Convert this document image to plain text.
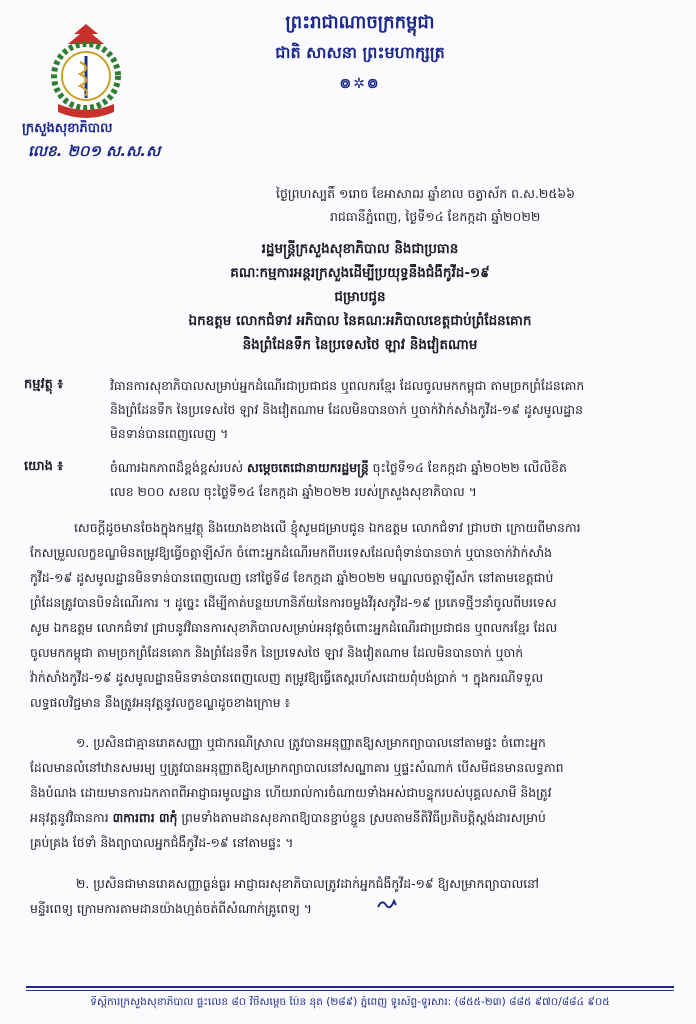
ព្រះរាជាណាចក្រកម្ពុជា
ជាតិ សាសនា ព្រះមហាក្សត្រ
៙✲៙
ក្រសួងសុខាភិបាល
លេខ. ២០១ ស.ស.ស
ថ្ងៃព្រហស្បតិ៍ ១រោច ខែអាសាឍ ឆ្នាំខាល ចត្វាស័ក ព.ស.២៥៦៦
រាជធានីភ្នំពេញ, ថ្ងៃទី១៤ ខែកក្កដា ឆ្នាំ២០២២
រដ្ឋមន្ត្រីក្រសួងសុខាភិបាល និងជាប្រធាន
គណៈកម្មការអន្តរក្រសួងដើម្បីប្រយុទ្ធនឹងជំងឺកូវីដ-១៩
ជម្រាបជូន
ឯកឧត្តម លោកជំទាវ អភិបាល នៃគណៈអភិបាលខេត្តជាប់ព្រំដែនគោក
និងព្រំដែនទឹក នៃប្រទេសថៃ ឡាវ និងវៀតណាម
កម្មវត្ថុ ៖	វិធានការសុខាភិបាលសម្រាប់អ្នកដំណើរជាប្រជាជន ឬពលករខ្មែរ ដែលចូលមកកម្ពុជា តាមច្រកព្រំដែនគោក
និងព្រំដែនទឹក នៃប្រទេសថៃ ឡាវ និងវៀតណាម ដែលមិនបានចាក់ ឬចាក់វ៉ាក់សាំងកូវីដ-១៩ ដូសមូលដ្ឋាន
មិនទាន់បានពេញលេញ ។
យោង ៖	ចំណារឯកភាពដ៏ខ្ពង់ខ្ពស់របស់ សម្តេចតេជោនាយករដ្ឋមន្ត្រី ចុះថ្ងៃទី១៤ ខែកក្កដា ឆ្នាំ២០២២ លើលិខិត
លេខ ២០០ សខល ចុះថ្ងៃទី១៤ ខែកក្កដា ឆ្នាំ២០២២ របស់ក្រសួងសុខាភិបាល ។
សេចក្តីដូចមានចែងក្នុងកម្មវត្ថុ និងយោងខាងលើ ខ្ញុំសូមជម្រាបជូន ឯកឧត្តម លោកជំទាវ ជ្រាបថា ក្រោយពីមានការ
កែសម្រួលលក្ខខណ្ឌមិនតម្រូវឱ្យធ្វើចត្តាឡីស័ក ចំពោះអ្នកដំណើរមកពីបរទេសដែលពុំទាន់បានចាក់ ឬបានចាក់វ៉ាក់សាំង
កូវីដ-១៩ ដូសមូលដ្ឋានមិនទាន់បានពេញលេញ នៅថ្ងៃទី៨ ខែកក្កដា ឆ្នាំ២០២២ មណ្ឌលចត្តាឡីស័ក នៅតាមខេត្តជាប់
ព្រំដែនត្រូវបានបិទដំណើរការ ។ ដូច្នេះ ដើម្បីកាត់បន្ថយហានិភ័យនៃការចម្លងវីរុសកូវីដ-១៩ ប្រភេទថ្មីៗនាំចូលពីបរទេស
សូម ឯកឧត្តម លោកជំទាវ ជ្រាបនូវវិធានការសុខាភិបាលសម្រាប់អនុវត្តចំពោះអ្នកដំណើរជាប្រជាជន ឬពលករខ្មែរ ដែល
ចូលមកកម្ពុជា តាមច្រកព្រំដែនគោក និងព្រំដែនទឹក នៃប្រទេសថៃ ឡាវ និងវៀតណាម ដែលមិនបានចាក់ ឬចាក់
វ៉ាក់សាំងកូវីដ-១៩ ដូសមូលដ្ឋានមិនទាន់បានពេញលេញ តម្រូវឱ្យធ្វើតេស្តរហ័សដោយពុំបង់ប្រាក់ ។ ក្នុងករណីទទួល
លទ្ធផលវិជ្ជមាន នឹងត្រូវអនុវត្តនូវលក្ខខណ្ឌដូចខាងក្រោម ៖
១. ប្រសិនជាគ្មានរោគសញ្ញា ឬជាករណីស្រាល ត្រូវបានអនុញ្ញាតឱ្យសម្រាកព្យាបាលនៅតាមផ្ទះ ចំពោះអ្នក
ដែលមានលំនៅឋានសមរម្យ ឬត្រូវបានអនុញ្ញាតឱ្យសម្រាកព្យាបាលនៅសណ្ឋាគារ ឬផ្ទះសំណាក់ បើសមីជនមានលទ្ធភាព
និងបំណង ដោយមានការឯកភាពពីអាជ្ញាធរមូលដ្ឋាន ហើយរាល់ការចំណាយទាំងអស់ជាបន្ទុករបស់បុគ្គលសាមី និងត្រូវ
អនុវត្តនូវវិធានការ ៣ការពារ ៣កុំ ព្រមទាំងតាមដានសុខភាពឱ្យបានខ្ជាប់ខ្ជួន ស្របតាមនីតិវិធីប្រតិបត្តិស្តង់ដារសម្រាប់
គ្រប់គ្រង ថែទាំ និងព្យាបាលអ្នកជំងឺកូវីដ-១៩ នៅតាមផ្ទះ ។
២. ប្រសិនជាមានរោគសញ្ញាធ្ងន់ធ្ងរ អាជ្ញាធរសុខាភិបាលត្រូវដាក់អ្នកជំងឺកូវីដ-១៩ ឱ្យសម្រាកព្យាបាលនៅ
មន្ទីរពេទ្យ ក្រោមការតាមដានយ៉ាងហ្មត់ចត់ពីសំណាក់គ្រូពេទ្យ ។
ទីស្តីការក្រសួងសុខាភិបាល ផ្ទះលេខ ៨០ វិថីសម្តេច ប៉ែន នុត (២៨៩) ភ្នំពេញ ទូរស័ព្ទ-ទូរសារ: (៨៥៥-២៣) ៨៨៥ ៩៧០/៨៨៤ ៩០៥
